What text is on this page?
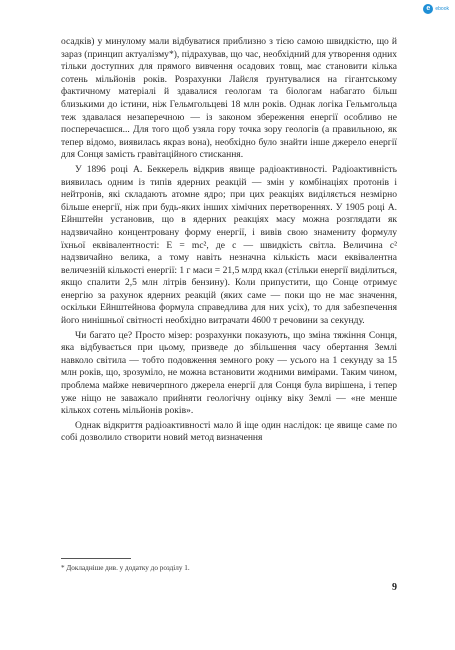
e	ebook

осадків) у минулому мали відбуватися приблизно з тією самою швидкістю, що й зараз (принцип актуалізму*), підрахував, що час, необхідний для утворення одних тільки доступних для прямого вивчення осадових товщ, має становити кілька сотень мільйонів років. Розрахунки Лайєля ґрунтувалися на гігантському фактичному матеріалі й здавалися геологам та біологам набагато більш близькими до істини, ніж Гельмгольцеві 18 млн років. Однак логіка Гельмгольца теж здавалася незаперечною — із законом збереження енергії особливо не посперечаєшся... Для того щоб узяла гору точка зору геологів (а правильною, як тепер відомо, виявилась якраз вона), необхідно було знайти інше джерело енергії для Сонця замість гравітаційного стискання.

У 1896 році А. Беккерель відкрив явище радіоактивності. Радіоактивність виявилась одним із типів ядерних реакцій — змін у комбінаціях протонів і нейтронів, які складають атомне ядро; при цих реакціях виділяється незмірно більше енергії, ніж при будь-яких інших хімічних перетвореннях. У 1905 році А. Ейнштейн установив, що в ядерних реакціях масу можна розглядати як надзвичайно концентровану форму енергії, і вивів свою знамениту формулу їхньої еквівалентності: E = mc², де c — швидкість світла. Величина c² надзвичайно велика, а тому навіть незначна кількість маси еквівалентна величезній кількості енергії: 1 г маси = 21,5 млрд ккал (стільки енергії виділиться, якщо спалити 2,5 млн літрів бензину). Коли припустити, що Сонце отримує енергію за рахунок ядерних реакцій (яких саме — поки що не має значення, оскільки Ейнштейнова формула справедлива для них усіх), то для забезпечення його нинішньої світності необхідно витрачати 4600 т речовини за секунду.

Чи багато це? Просто мізер: розрахунки показують, що зміна тяжіння Сонця, яка відбувається при цьому, призведе до збільшення часу обертання Землі навколо світила — тобто подовження земного року — усього на 1 секунду за 15 млн років, що, зрозуміло, не можна встановити жодними вимірами. Таким чином, проблема майже невичерпного джерела енергії для Сонця була вирішена, і тепер уже ніщо не заважало прийняти геологічну оцінку віку Землі — «не менше кількох сотень мільйонів років».

Однак відкриття радіоактивності мало й іще один наслідок: це явище саме по собі дозволило створити новий метод визначення

* Докладніше див. у додатку до розділу 1.
9
